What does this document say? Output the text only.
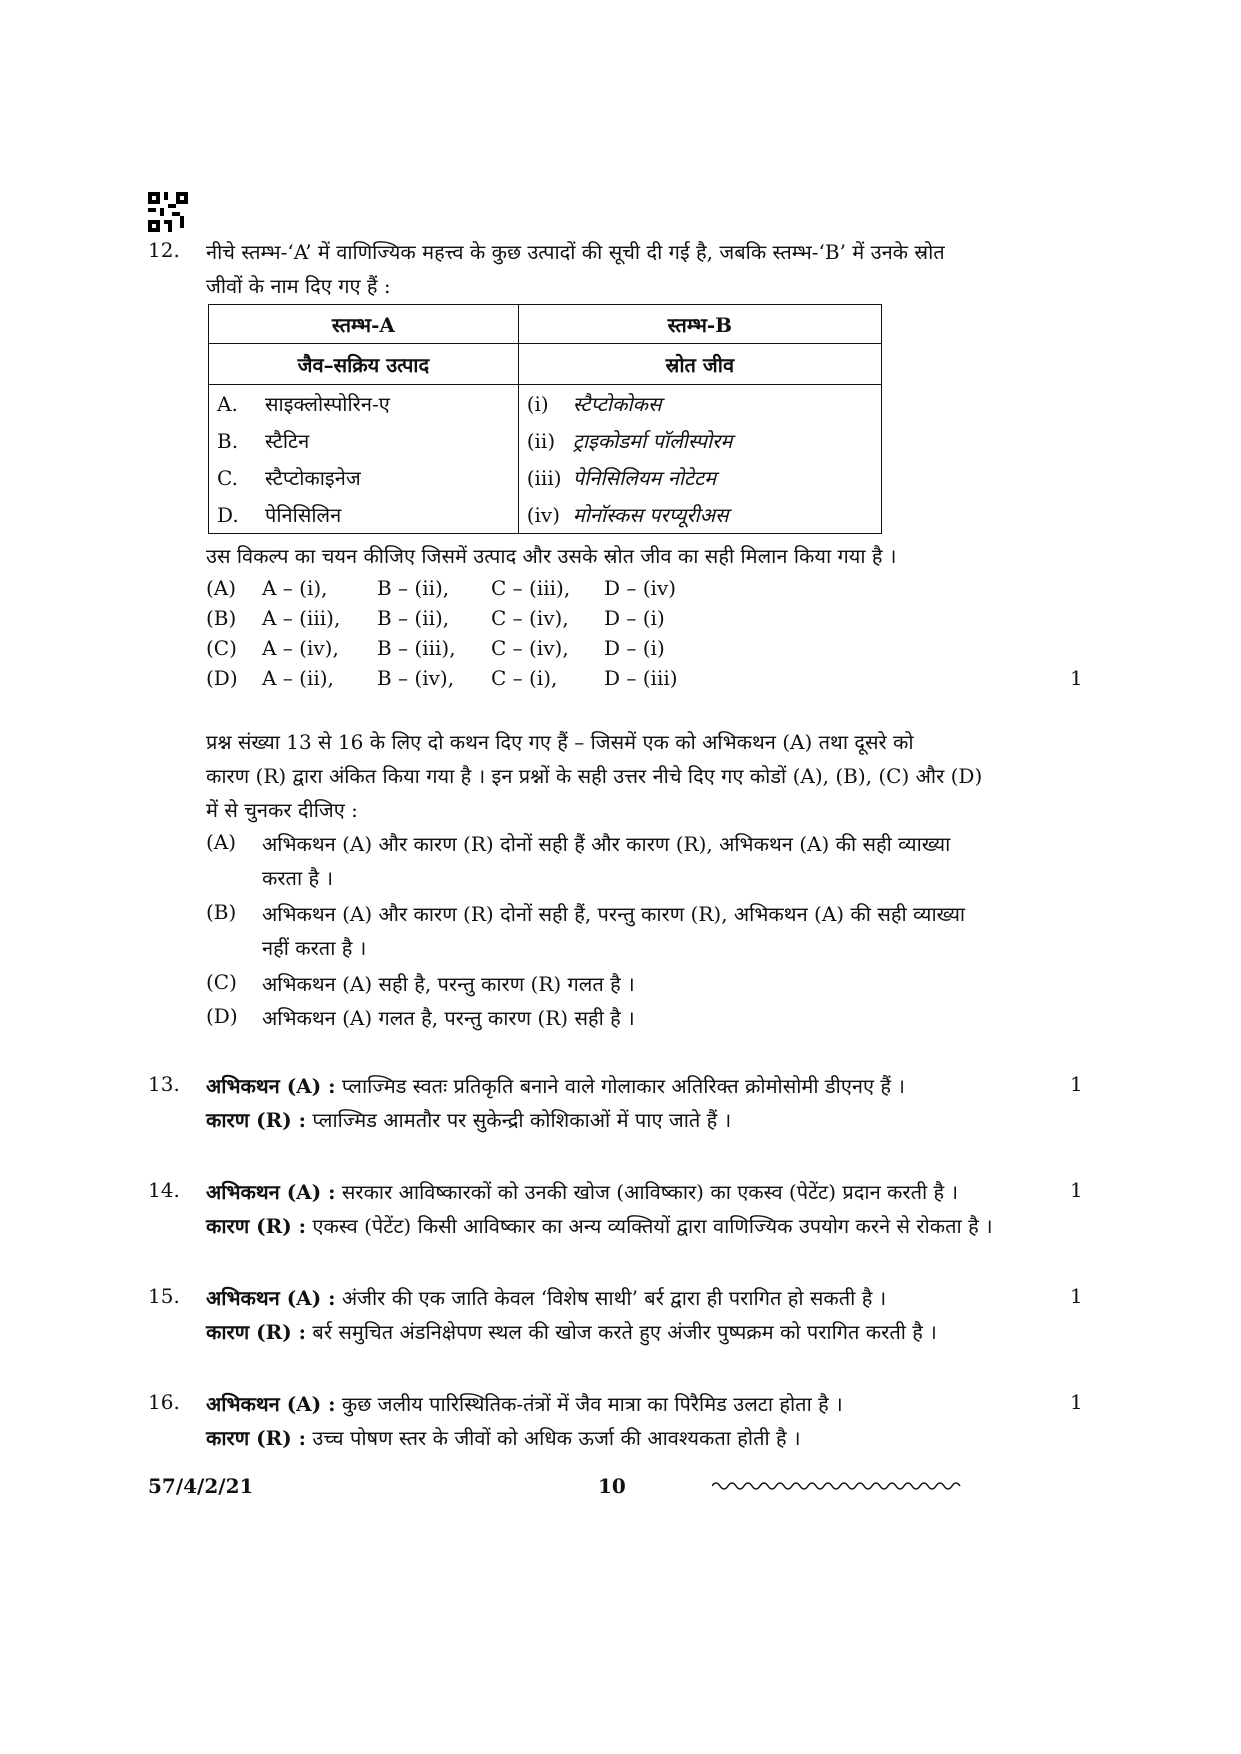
12. नीचे स्तम्भ-‘A’ में वाणिज्यिक महत्त्व के कुछ उत्पादों की सूची दी गई है, जबकि स्तम्भ-‘B’ में उनके स्रोत
जीवों के नाम दिए गए हैं :
स्तम्भ-A	स्तम्भ-B
जैव–सक्रिय उत्पाद	स्रोत जीव
A. साइक्लोस्पोरिन-ए	(i) स्टैप्टोकोकस
B. स्टैटिन	(ii) ट्राइकोडर्मा पॉलीस्पोरम
C. स्टैप्टोकाइनेज	(iii) पेनिसिलियम नोटेटम
D. पेनिसिलिन	(iv) मोनॉस्कस परप्यूरीअस
उस विकल्प का चयन कीजिए जिसमें उत्पाद और उसके स्रोत जीव का सही मिलान किया गया है ।
(A) A – (i), B – (ii), C – (iii), D – (iv)
(B) A – (iii), B – (ii), C – (iv), D – (i)
(C) A – (iv), B – (iii), C – (iv), D – (i)
(D) A – (ii), B – (iv), C – (i), D – (iii)	1
प्रश्न संख्या 13 से 16 के लिए दो कथन दिए गए हैं – जिसमें एक को अभिकथन (A) तथा दूसरे को
कारण (R) द्वारा अंकित किया गया है । इन प्रश्नों के सही उत्तर नीचे दिए गए कोडों (A), (B), (C) और (D)
में से चुनकर दीजिए :
(A) अभिकथन (A) और कारण (R) दोनों सही हैं और कारण (R), अभिकथन (A) की सही व्याख्या
करता है ।
(B) अभिकथन (A) और कारण (R) दोनों सही हैं, परन्तु कारण (R), अभिकथन (A) की सही व्याख्या
नहीं करता है ।
(C) अभिकथन (A) सही है, परन्तु कारण (R) गलत है ।
(D) अभिकथन (A) गलत है, परन्तु कारण (R) सही है ।
13. अभिकथन (A) : प्लाज्मिड स्वतः प्रतिकृति बनाने वाले गोलाकार अतिरिक्त क्रोमोसोमी डीएनए हैं ।
कारण (R) : प्लाज्मिड आमतौर पर सुकेन्द्री कोशिकाओं में पाए जाते हैं ।
1
14. अभिकथन (A) : सरकार आविष्कारकों को उनकी खोज (आविष्कार) का एकस्व (पेटेंट) प्रदान करती है ।
कारण (R) : एकस्व (पेटेंट) किसी आविष्कार का अन्य व्यक्तियों द्वारा वाणिज्यिक उपयोग करने से रोकता है ।
1
15. अभिकथन (A) : अंजीर की एक जाति केवल ‘विशेष साथी’ बर्र द्वारा ही परागित हो सकती है ।
कारण (R) : बर्र समुचित अंडनिक्षेपण स्थल की खोज करते हुए अंजीर पुष्पक्रम को परागित करती है ।
1
16. अभिकथन (A) : कुछ जलीय पारिस्थितिक-तंत्रों में जैव मात्रा का पिरैमिड उलटा होता है ।
कारण (R) : उच्च पोषण स्तर के जीवों को अधिक ऊर्जा की आवश्यकता होती है ।
1
57/4/2/21	10
